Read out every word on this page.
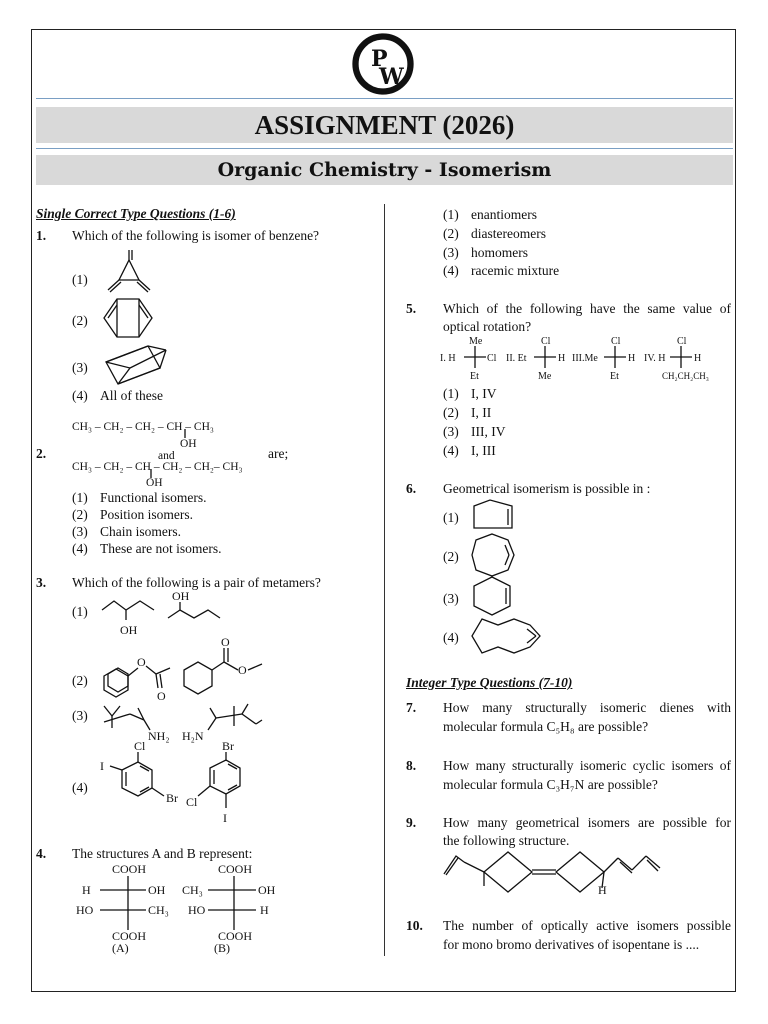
P
W
ASSIGNMENT (2026)
Organic Chemistry - Isomerism
Single Correct Type Questions (1-6)
1. Which of the following is isomer of benzene?
(1)
(2)
(3)
(4) All of these
CH₃ – CH₂ – CH₂ – CH – CH₃
OH
2.	and	are;
CH₃ – CH₂ – CH – CH₂ – CH₂– CH₃
OH
(1) Functional isomers.
(2) Position isomers.
(3) Chain isomers.
(4) These are not isomers.
3. Which of the following is a pair of metamers?
(1)
OH
OH
(2)
O
O
O
O
(3)
NH₂ H₂N
(4)
Cl
I
Br
Br
Cl
I
4. The structures A and B represent:
COOH
H	OH
HO	CH₃
COOH
(A)
COOH
CH₃	OH
HO	H
COOH
(B)
(1) enantiomers
(2) diastereomers
(3) homomers
(4) racemic mixture
5. Which of the following have the same value of
optical rotation?
I. H
Me
Cl
Et
II. Et
Cl
H
Me
III.Me
Cl
H
Et
IV. H
Cl
H
CH₂CH₂CH₃
(1) I, IV
(2) I, II
(3) III, IV
(4) I, III
6. Geometrical isomerism is possible in :
(1)
(2)
(3)
(4)
Integer Type Questions (7-10)
7. How many structurally isomeric dienes with
molecular formula C₅H₈ are possible?
8. How many structurally isomeric cyclic isomers of
molecular formula C₃H₇N are possible?
9. How many geometrical isomers are possible for
the following structure.
H
10. The number of optically active isomers possible
for mono bromo derivatives of isopentane is ....
